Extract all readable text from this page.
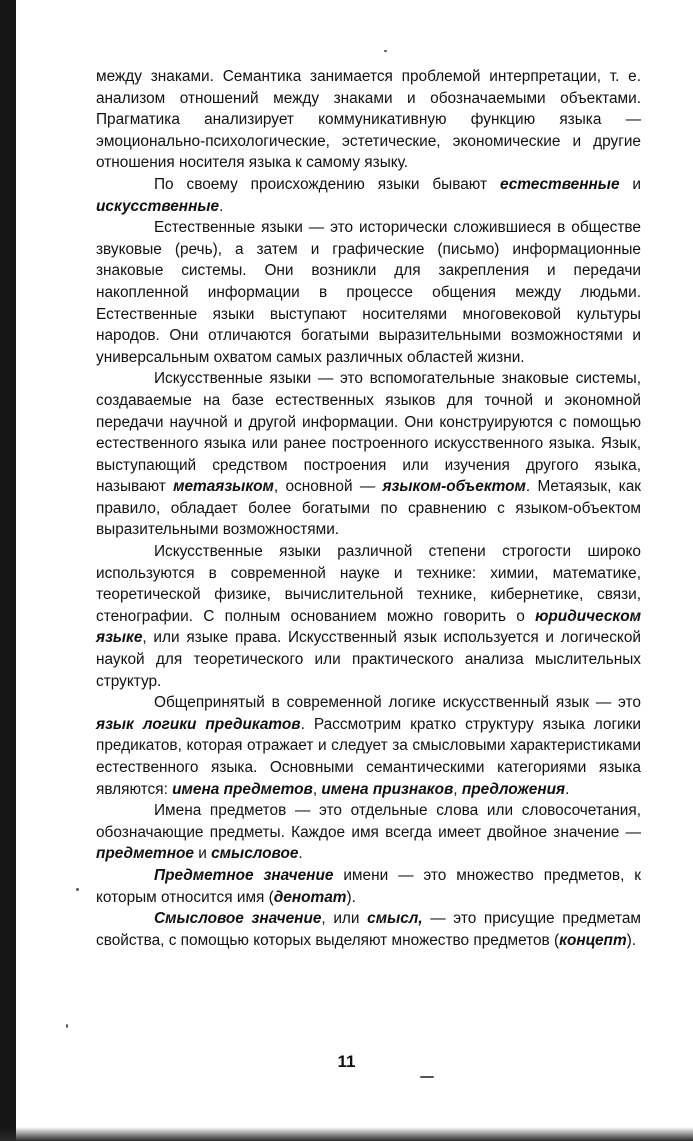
между знаками. Семантика занимается проблемой интерпретации, т. е. анализом отношений между знаками и обозначаемыми объектами. Прагматика анализирует коммуникативную функцию языка — эмоционально-психологические, эстетические, экономические и другие отношения носителя языка к самому языку.

По своему происхождению языки бывают естественные и искусственные.

Естественные языки — это исторически сложившиеся в обществе звуковые (речь), а затем и графические (письмо) информационные знаковые системы. Они возникли для закрепления и передачи накопленной информации в процессе общения между людьми. Естественные языки выступают носителями многовековой культуры народов. Они отличаются богатыми выразительными возможностями и универсальным охватом самых различных областей жизни.

Искусственные языки — это вспомогательные знаковые системы, создаваемые на базе естественных языков для точной и экономной передачи научной и другой информации. Они конструируются с помощью естественного языка или ранее построенного искусственного языка. Язык, выступающий средством построения или изучения другого языка, называют метаязыком, основной — языком-объектом. Метаязык, как правило, обладает более богатыми по сравнению с языком-объектом выразительными возможностями.

Искусственные языки различной степени строгости широко используются в современной науке и технике: химии, математике, теоретической физике, вычислительной технике, кибернетике, связи, стенографии. С полным основанием можно говорить о юридическом языке, или языке права. Искусственный язык используется и логической наукой для теоретического или практического анализа мыслительных структур.

Общепринятый в современной логике искусственный язык — это язык логики предикатов. Рассмотрим кратко структуру языка логики предикатов, которая отражает и следует за смысловыми характеристиками естественного языка. Основными семантическими категориями языка являются: имена предметов, имена признаков, предложения.

Имена предметов — это отдельные слова или словосочетания, обозначающие предметы. Каждое имя всегда имеет двойное значение — предметное и смысловое.

Предметное значение имени — это множество предметов, к которым относится имя (денотат).

Смысловое значение, или смысл, — это присущие предметам свойства, с помощью которых выделяют множество предметов (концепт).

11
